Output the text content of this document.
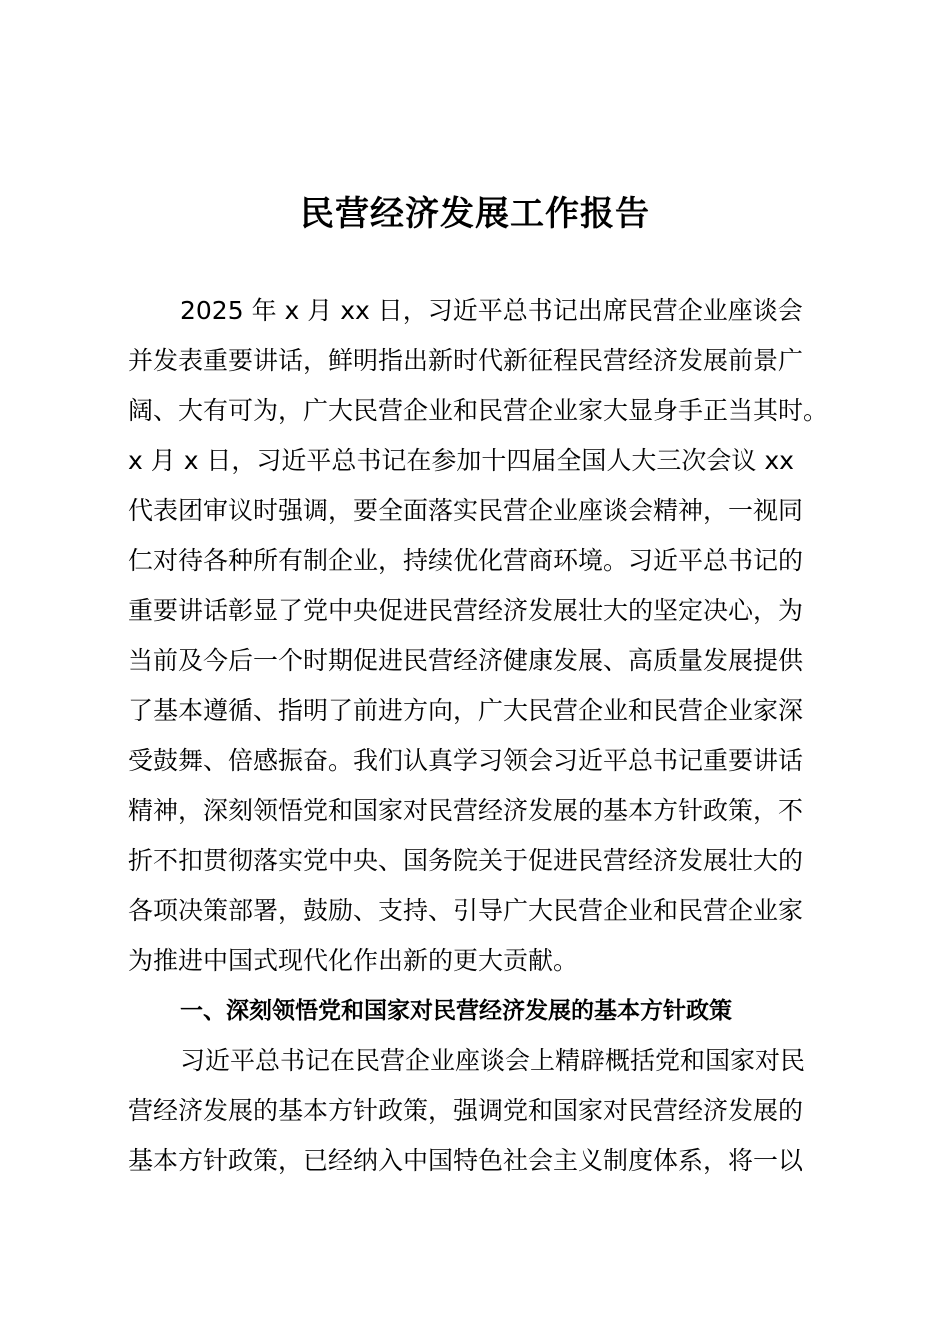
民营经济发展工作报告
2025 年 x 月 xx 日，习近平总书记出席民营企业座谈会
并发表重要讲话，鲜明指出新时代新征程民营经济发展前景广
阔、大有可为，广大民营企业和民营企业家大显身手正当其时。
x 月 x 日，习近平总书记在参加十四届全国人大三次会议 xx
代表团审议时强调，要全面落实民营企业座谈会精神，一视同
仁对待各种所有制企业，持续优化营商环境。习近平总书记的
重要讲话彰显了党中央促进民营经济发展壮大的坚定决心，为
当前及今后一个时期促进民营经济健康发展、高质量发展提供
了基本遵循、指明了前进方向，广大民营企业和民营企业家深
受鼓舞、倍感振奋。我们认真学习领会习近平总书记重要讲话
精神，深刻领悟党和国家对民营经济发展的基本方针政策，不
折不扣贯彻落实党中央、国务院关于促进民营经济发展壮大的
各项决策部署，鼓励、支持、引导广大民营企业和民营企业家
为推进中国式现代化作出新的更大贡献。
一、深刻领悟党和国家对民营经济发展的基本方针政策
习近平总书记在民营企业座谈会上精辟概括党和国家对民
营经济发展的基本方针政策，强调党和国家对民营经济发展的
基本方针政策，已经纳入中国特色社会主义制度体系，将一以
